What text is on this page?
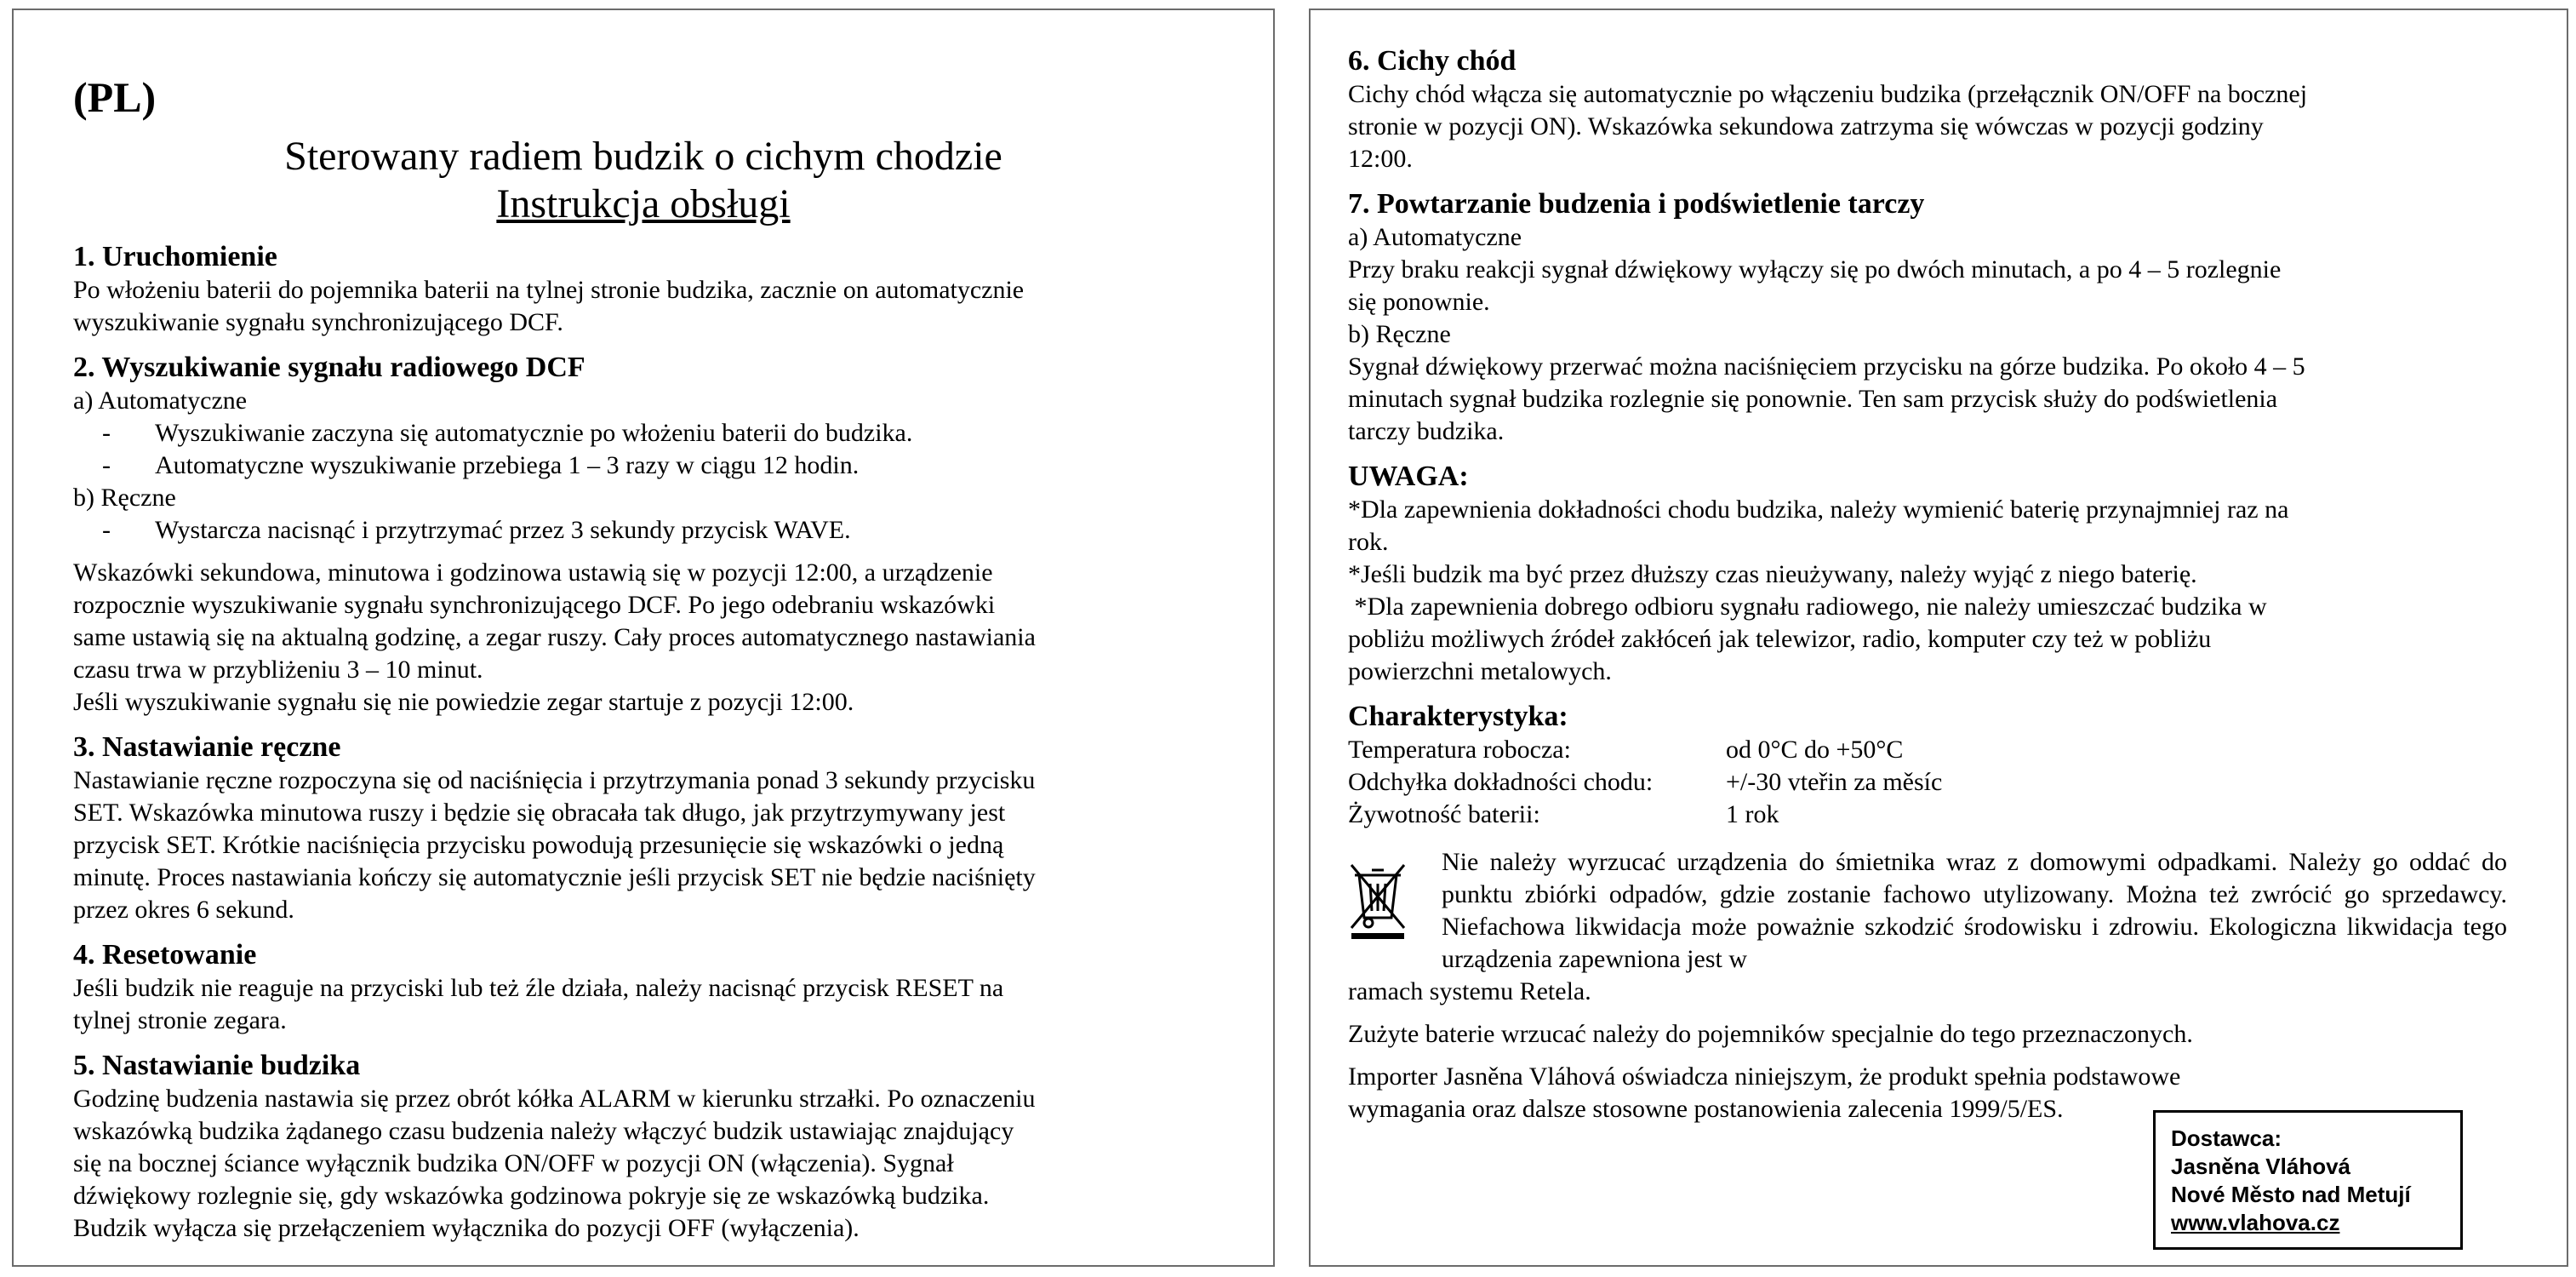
(PL)
Sterowany radiem budzik o cichym chodzie
Instrukcja obsługi
1. Uruchomienie

Po włożeniu baterii do pojemnika baterii na tylnej stronie budzika, zacznie on automatycznie

wyszukiwanie sygnału synchronizującego DCF.

2. Wyszukiwanie sygnału radiowego DCF

a) Automatyczne

-	Wyszukiwanie zaczyna się automatycznie po włożeniu baterii do budzika.
-	Automatyczne wyszukiwanie przebiega 1 – 3 razy w ciągu 12 hodin.

b) Ręczne

-	Wystarcza nacisnąć i przytrzymać przez 3 sekundy przycisk WAVE.

Wskazówki sekundowa, minutowa i godzinowa ustawią się w pozycji 12:00, a urządzenie

rozpocznie wyszukiwanie sygnału synchronizującego DCF. Po jego odebraniu wskazówki

same ustawią się na aktualną godzinę, a zegar ruszy. Cały proces automatycznego nastawiania

czasu trwa w przybliżeniu 3 – 10 minut.

Jeśli wyszukiwanie sygnału się nie powiedzie zegar startuje z pozycji 12:00.

3. Nastawianie ręczne

Nastawianie ręczne rozpoczyna się od naciśnięcia i przytrzymania ponad 3 sekundy przycisku

SET. Wskazówka minutowa ruszy i będzie się obracała tak długo, jak przytrzymywany jest

przycisk SET. Krótkie naciśnięcia przycisku powodują przesunięcie się wskazówki o jedną

minutę. Proces nastawiania kończy się automatycznie jeśli przycisk SET nie będzie naciśnięty

przez okres 6 sekund.

4. Resetowanie

Jeśli budzik nie reaguje na przyciski lub też źle działa, należy nacisnąć przycisk RESET na

tylnej stronie zegara.

5. Nastawianie budzika

Godzinę budzenia nastawia się przez obrót kółka ALARM w kierunku strzałki. Po oznaczeniu

wskazówką budzika żądanego czasu budzenia należy włączyć budzik ustawiając znajdujący

się na bocznej ściance wyłącznik budzika ON/OFF w pozycji ON (włączenia). Sygnał

dźwiękowy rozlegnie się, gdy wskazówka godzinowa pokryje się ze wskazówką budzika.

Budzik wyłącza się przełączeniem wyłącznika do pozycji OFF (wyłączenia).

6. Cichy chód

Cichy chód włącza się automatycznie po włączeniu budzika (przełącznik ON/OFF na bocznej

stronie w pozycji ON). Wskazówka sekundowa zatrzyma się wówczas w pozycji godziny

12:00.

7. Powtarzanie budzenia i podświetlenie tarczy

a) Automatyczne

Przy braku reakcji sygnał dźwiękowy wyłączy się po dwóch minutach, a po 4 – 5 rozlegnie

się ponownie.

b) Ręczne

Sygnał dźwiękowy przerwać można naciśnięciem przycisku na górze budzika. Po około 4 – 5

minutach sygnał budzika rozlegnie się ponownie. Ten sam przycisk służy do podświetlenia

tarczy budzika.

UWAGA:

*Dla zapewnienia dokładności chodu budzika, należy wymienić baterię przynajmniej raz na

rok.

*Jeśli budzik ma być przez dłuższy czas nieużywany, należy wyjąć z niego baterię.

*Dla zapewnienia dobrego odbioru sygnału radiowego, nie należy umieszczać budzika w

pobliżu możliwych źródeł zakłóceń jak telewizor, radio, komputer czy też w pobliżu

powierzchni metalowych.

Charakterystyka:
Temperatura robocza:	od 0°C do +50°C
Odchyłka dokładności chodu:	+/-30 vteřin za měsíc
Żywotność baterii:	1 rok
Nie należy wyrzucać urządzenia do śmietnika wraz z domowymi odpadkami. Należy go oddać do punktu zbiórki odpadów, gdzie zostanie fachowo utylizowany. Można też zwrócić go sprzedawcy. Niefachowa likwidacja może poważnie szkodzić środowisku i zdrowiu. Ekologiczna likwidacja tego urządzenia zapewniona jest w

ramach systemu Retela.

Zużyte baterie wrzucać należy do pojemników specjalnie do tego przeznaczonych.

Importer Jasněna Vláhová oświadcza niniejszym, że produkt spełnia podstawowe

wymagania oraz dalsze stosowne postanowienia zalecenia 1999/5/ES.

Dostawca:
Jasněna Vláhová
Nové Město nad Metují
www.vlahova.cz
